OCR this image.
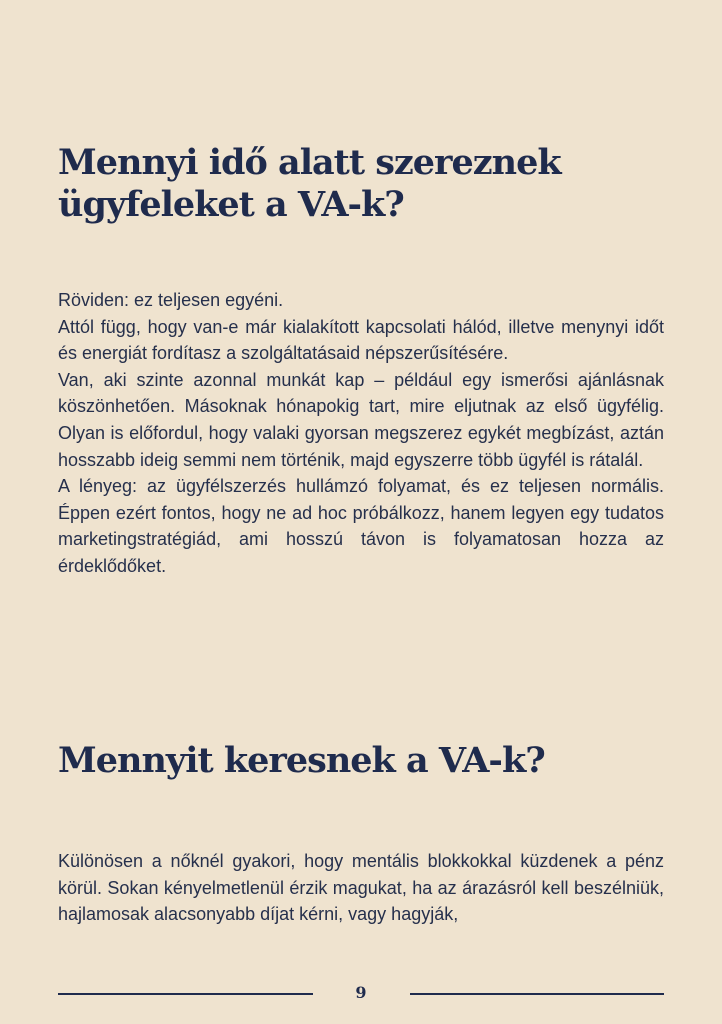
Mennyi idő alatt szereznek ügyfeleket a VA-k?

Röviden: ez teljesen egyéni.

Attól függ, hogy van-e már kialakított kapcsolati hálód, illetve menynyi időt és energiát fordítasz a szolgáltatásaid népszerűsítésére.

Van, aki szinte azonnal munkát kap – például egy ismerősi ajánlásnak köszönhetően. Másoknak hónapokig tart, mire eljutnak az első ügyfélig. Olyan is előfordul, hogy valaki gyorsan megszerez egykét megbízást, aztán hosszabb ideig semmi nem történik, majd egyszerre több ügyfél is rátalál.

A lényeg: az ügyfélszerzés hullámzó folyamat, és ez teljesen normális. Éppen ezért fontos, hogy ne ad hoc próbálkozz, hanem legyen egy tudatos marketingstratégiád, ami hosszú távon is folyamatosan hozza az érdeklődőket.

Mennyit keresnek a VA-k?

Különösen a nőknél gyakori, hogy mentális blokkokkal küzdenek a pénz körül. Sokan kényelmetlenül érzik magukat, ha az árazásról kell beszélniük, hajlamosak alacsonyabb díjat kérni, vagy hagyják,

9
